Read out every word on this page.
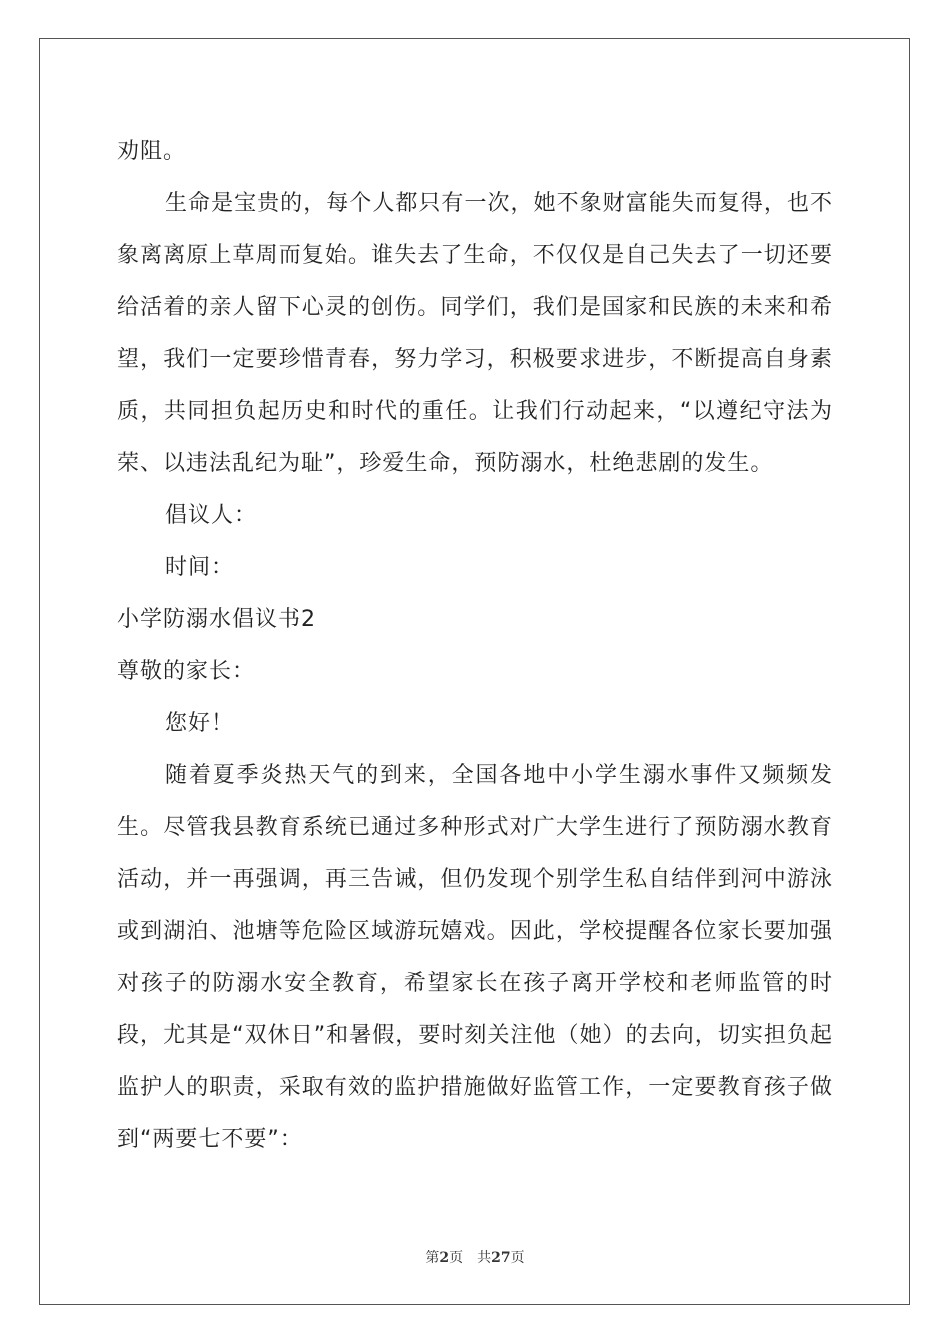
劝阻。

生命是宝贵的，每个人都只有一次，她不象财富能失而复得，也不象离离原上草周而复始。谁失去了生命，不仅仅是自己失去了一切还要给活着的亲人留下心灵的创伤。同学们，我们是国家和民族的未来和希望，我们一定要珍惜青春，努力学习，积极要求进步，不断提高自身素质，共同担负起历史和时代的重任。让我们行动起来，“以遵纪守法为荣、以违法乱纪为耻”，珍爱生命，预防溺水，杜绝悲剧的发生。

倡议人：

时间：

小学防溺水倡议书2

尊敬的家长：

您好！

随着夏季炎热天气的到来，全国各地中小学生溺水事件又频频发生。尽管我县教育系统已通过多种形式对广大学生进行了预防溺水教育活动，并一再强调，再三告诫，但仍发现个别学生私自结伴到河中游泳或到湖泊、池塘等危险区域游玩嬉戏。因此，学校提醒各位家长要加强对孩子的防溺水安全教育，希望家长在孩子离开学校和老师监管的时段，尤其是“双休日”和暑假，要时刻关注他（她）的去向，切实担负起监护人的职责，采取有效的监护措施做好监管工作，一定要教育孩子做到“两要七不要”：

第2页　共27页
